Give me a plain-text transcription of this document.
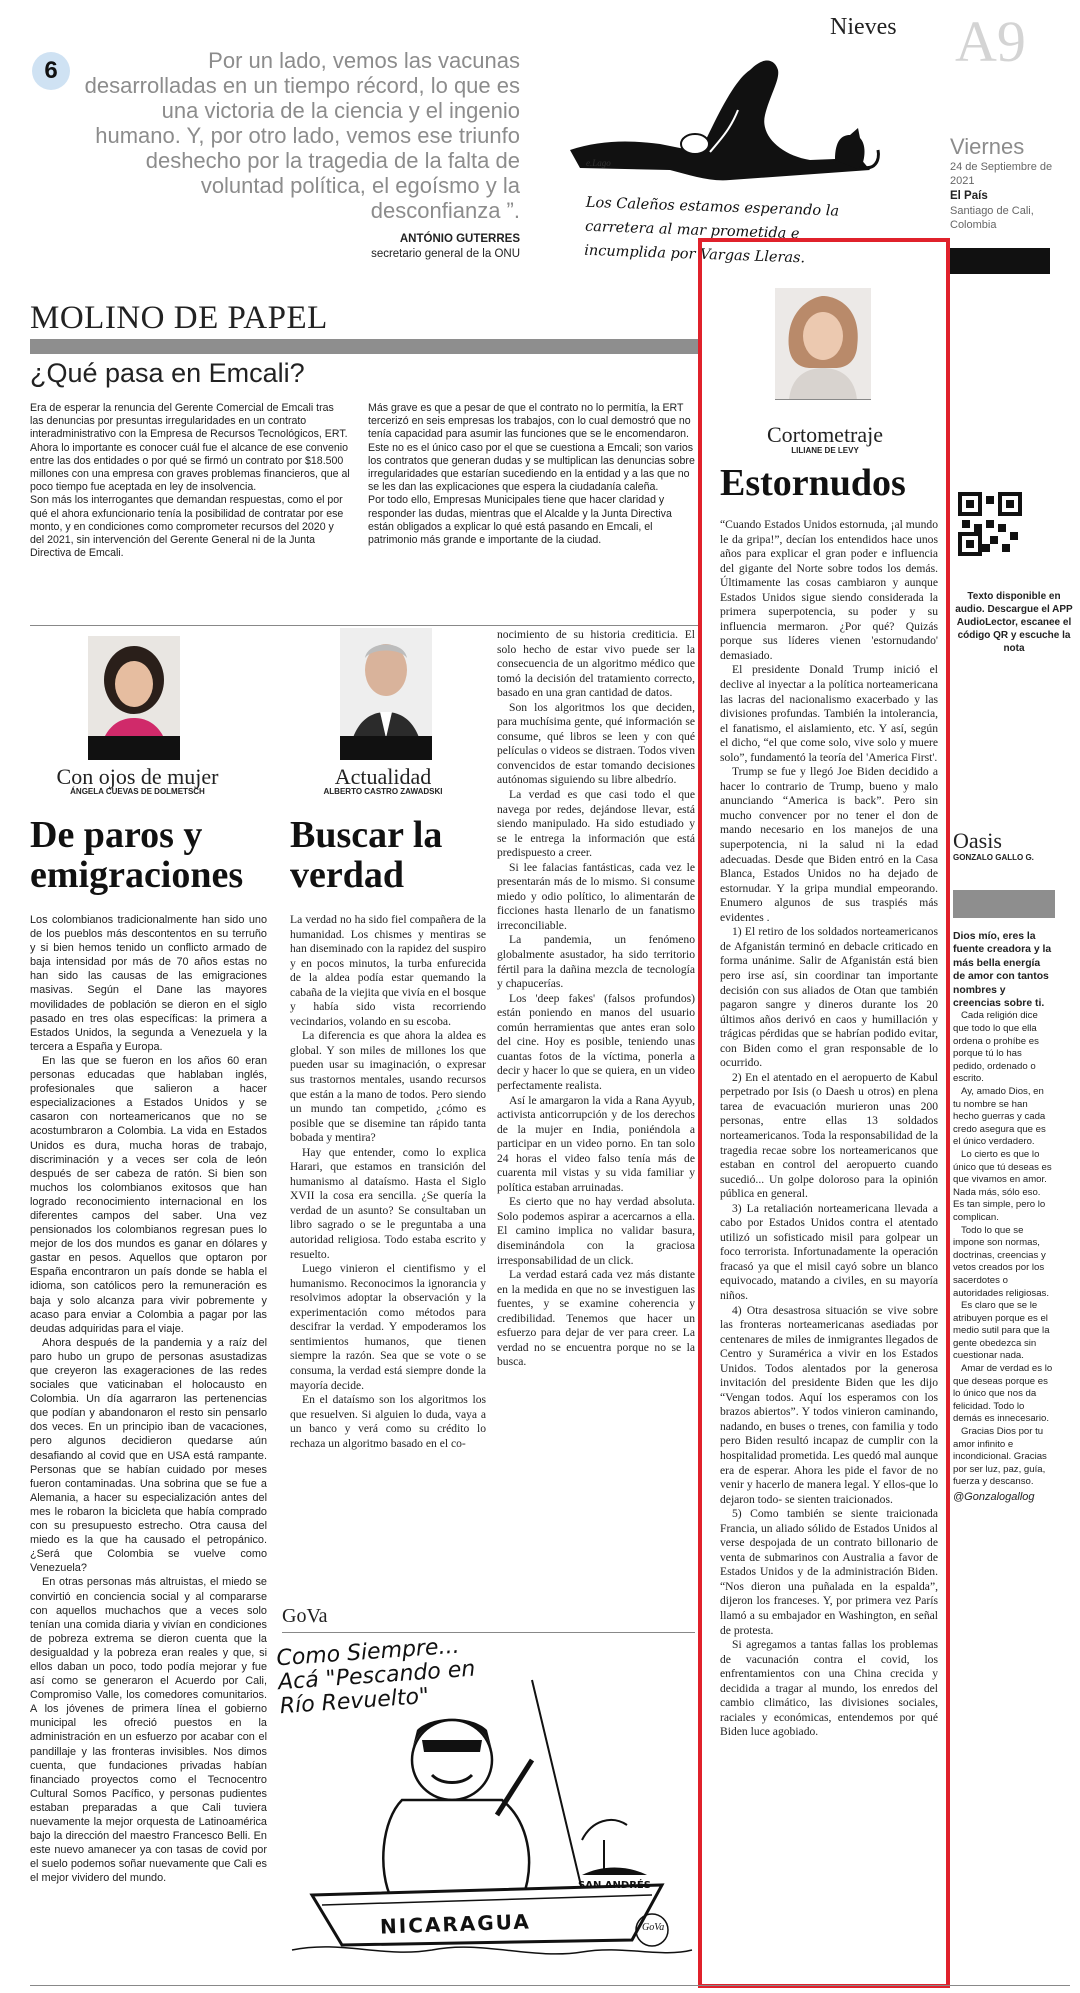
6	Por un lado, vemos las vacunas desarrolladas en un tiempo récord, lo que es una victoria de la ciencia y el ingenio humano. Y, por otro lado, vemos ese triunfo deshecho por la tragedia de la falta de voluntad política, el egoísmo y la desconfianza ”.
ANTÓNIO GUTERRES
secretario general de la ONU
e.Lago
Los Caleños estamos esperando la carretera al mar prometida e incumplida por Vargas Lleras.
Nieves A9
Viernes
24 de Septiembre de 2021
El País
Santiago de Cali, Colombia
MOLINO DE PAPEL
¿Qué pasa en Emcali?

Era de esperar la renuncia del Gerente Comercial de Emcali tras las denuncias por presuntas irregularidades en un contrato interadministrativo con la Empresa de Recursos Tecnológicos, ERT.

Ahora lo importante es conocer cuál fue el alcance de ese convenio entre las dos entidades o por qué se firmó un contrato por $18.500 millones con una empresa con graves problemas financieros, que al poco tiempo fue aceptada en ley de insolvencia.

Son más los interrogantes que demandan respuestas, como el por qué el ahora exfuncionario tenía la posibilidad de contratar por ese monto, y en condiciones como comprometer recursos del 2020 y del 2021, sin intervención del Gerente General ni de la Junta Directiva de Emcali.

Más grave es que a pesar de que el contrato no lo permitía, la ERT tercerizó en seis empresas los trabajos, con lo cual demostró que no tenía capacidad para asumir las funciones que se le encomendaron.

Este no es el único caso por el que se cuestiona a Emcali; son varios los contratos que generan dudas y se multiplican las denuncias sobre irregularidades que estarían sucediendo en la entidad y a las que no se les dan las explicaciones que espera la ciudadanía caleña.

Por todo ello, Empresas Municipales tiene que hacer claridad y responder las dudas, mientras que el Alcalde y la Junta Directiva están obligados a explicar lo qué está pasando en Emcali, el patrimonio más grande e importante de la ciudad.

Con ojos de mujer
ÁNGELA CUEVAS DE DOLMETSCH
De paros y emigraciones

Los colombianos tradicionalmente han sido uno de los pueblos más descontentos en su terruño y si bien hemos tenido un conflicto armado de baja intensidad por más de 70 años estas no han sido las causas de las emigraciones masivas. Según el Dane las mayores movilidades de población se dieron en el siglo pasado en tres olas específicas: la primera a Estados Unidos, la segunda a Venezuela y la tercera a España y Europa.

En las que se fueron en los años 60 eran personas educadas que hablaban inglés, profesionales que salieron a hacer especializaciones a Estados Unidos y se casaron con norteamericanos que no se acostumbraron a Colombia. La vida en Estados Unidos es dura, mucha horas de trabajo, discriminación y a veces ser cola de león después de ser cabeza de ratón. Si bien son muchos los colombianos exitosos que han logrado reconocimiento internacional en los diferentes campos del saber. Una vez pensionados los colombianos regresan pues lo mejor de los dos mundos es ganar en dólares y gastar en pesos. Aquellos que optaron por España encontraron un país donde se habla el idioma, son católicos pero la remuneración es baja y solo alcanza para vivir pobremente y acaso para enviar a Colombia a pagar por las deudas adquiridas para el viaje.

Ahora después de la pandemia y a raíz del paro hubo un grupo de personas asustadizas que creyeron las exageraciones de las redes sociales que vaticinaban el holocausto en Colombia. Un día agarraron las pertenencias que podían y abandonaron el resto sin pensarlo dos veces. En un principio iban de vacaciones, pero algunos decidieron quedarse aún desafiando al covid que en USA está rampante. Personas que se habían cuidado por meses fueron contaminadas. Una sobrina que se fue a Alemania, a hacer su especialización antes del mes le robaron la bicicleta que había comprado con su presupuesto estrecho. Otra causa del miedo es la que ha causado el petropánico. ¿Será que Colombia se vuelve como Venezuela?

En otras personas más altruistas, el miedo se convirtió en conciencia social y al compararse con aquellos muchachos que a veces solo tenían una comida diaria y vivían en condiciones de pobreza extrema se dieron cuenta que la desigualdad y la pobreza eran reales y que, si ellos daban un poco, todo podía mejorar y fue así como se generaron el Acuerdo por Cali, Compromiso Valle, los comedores comunitarios. A los jóvenes de primera línea el gobierno municipal les ofreció puestos en la administración en un esfuerzo por acabar con el pandillaje y las fronteras invisibles. Nos dimos cuenta, que fundaciones privadas habían financiado proyectos como el Tecnocentro Cultural Somos Pacífico, y personas pudientes estaban preparadas a que Cali tuviera nuevamente la mejor orquesta de Latinoamérica bajo la dirección del maestro Francesco Belli. En este nuevo amanecer ya con tasas de covid por el suelo podemos soñar nuevamente que Cali es el mejor vividero del mundo.

Actualidad
ALBERTO CASTRO ZAWADSKI
Buscar la verdad

La verdad no ha sido fiel compañera de la humanidad. Los chismes y mentiras se han diseminado con la rapidez del suspiro y en pocos minutos, la turba enfurecida de la aldea podía estar quemando la cabaña de la viejita que vivía en el bosque y había sido vista recorriendo vecindarios, volando en su escoba.

La diferencia es que ahora la aldea es global. Y son miles de millones los que pueden usar su imaginación, o expresar sus trastornos mentales, usando recursos que están a la mano de todos. Pero siendo un mundo tan competido, ¿cómo es posible que se disemine tan rápido tanta bobada y mentira?

Hay que entender, como lo explica Harari, que estamos en transición del humanismo al dataísmo. Hasta el Siglo XVII la cosa era sencilla. ¿Se quería la verdad de un asunto? Se consultaban un libro sagrado o se le preguntaba a una autoridad religiosa. Todo estaba escrito y resuelto.

Luego vinieron el cientifismo y el humanismo. Reconocimos la ignorancia y resolvimos adoptar la observación y la experimentación como métodos para descifrar la verdad. Y empoderamos los sentimientos humanos, que tienen siempre la razón. Sea que se vote o se consuma, la verdad está siempre donde la mayoría decide.

En el dataísmo son los algoritmos los que resuelven. Si alguien lo duda, vaya a un banco y verá como su crédito lo rechaza un algoritmo basado en el co-

nocimiento de su historia crediticia. El solo hecho de estar vivo puede ser la consecuencia de un algoritmo médico que tomó la decisión del tratamiento correcto, basado en una gran cantidad de datos.

Son los algoritmos los que deciden, para muchísima gente, qué información se consume, qué libros se leen y con qué películas o videos se distraen. Todos viven convencidos de estar tomando decisiones autónomas siguiendo su libre albedrío.

La verdad es que casi todo el que navega por redes, dejándose llevar, está siendo manipulado. Ha sido estudiado y se le entrega la información que está predispuesto a creer.

Si lee falacias fantásticas, cada vez le presentarán más de lo mismo. Si consume miedo y odio político, lo alimentarán de ficciones hasta llenarlo de un fanatismo irreconciliable.

La pandemia, un fenómeno globalmente asustador, ha sido territorio fértil para la dañina mezcla de tecnología y chapucerías.

Los 'deep fakes' (falsos profundos) están poniendo en manos del usuario común herramientas que antes eran solo del cine. Hoy es posible, teniendo unas cuantas fotos de la víctima, ponerla a decir y hacer lo que se quiera, en un video perfectamente realista.

Así le amargaron la vida a Rana Ayyub, activista anticorrupción y de los derechos de la mujer en India, poniéndola a participar en un video porno. En tan solo 24 horas el video falso tenía más de cuarenta mil vistas y su vida familiar y política estaban arruinadas.

Es cierto que no hay verdad absoluta. Solo podemos aspirar a acercarnos a ella. El camino implica no validar basura, diseminándola con la graciosa irresponsabilidad de un click.

La verdad estará cada vez más distante en la medida en que no se investiguen las fuentes, y se examine coherencia y credibilidad. Tenemos que hacer un esfuerzo para dejar de ver para creer. La verdad no se encuentra porque no se la busca.

GoVa
Como Siempre... Acá "Pescando en Río Revuelto"
NICARAGUA
SAN ANDRÉS
GoVa
Cortometraje
LILIANE DE LEVY
Estornudos

“Cuando Estados Unidos estornuda, ¡al mundo le da gripa!”, decían los entendidos hace unos años para explicar el gran poder e influencia del gigante del Norte sobre todos los demás. Últimamente las cosas cambiaron y aunque Estados Unidos sigue siendo considerada la primera superpotencia, su poder y su influencia mermaron. ¿Por qué? Quizás porque sus líderes vienen 'estornudando' demasiado.

El presidente Donald Trump inició el declive al inyectar a la política norteamericana las lacras del nacionalismo exacerbado y las divisiones profundas. También la intolerancia, el fanatismo, el aislamiento, etc. Y así, según el dicho, “el que come solo, vive solo y muere solo”, fundamentó la teoría del 'America First'.

Trump se fue y llegó Joe Biden decidido a hacer lo contrario de Trump, bueno y malo anunciando “America is back”. Pero sin mucho convencer por no tener el don de mando necesario en los manejos de una superpotencia, ni la salud ni la edad adecuadas. Desde que Biden entró en la Casa Blanca, Estados Unidos no ha dejado de estornudar. Y la gripa mundial empeorando. Enumero algunos de sus traspiés más evidentes .

1) El retiro de los soldados norteamericanos de Afganistán terminó en debacle criticado en forma unánime. Salir de Afganistán está bien pero irse así, sin coordinar tan importante decisión con sus aliados de Otan que también pagaron sangre y dineros durante los 20 últimos años derivó en caos y humillación y trágicas pérdidas que se habrían podido evitar, con Biden como el gran responsable de lo ocurrido.

2) En el atentado en el aeropuerto de Kabul perpetrado por Isis (o Daesh u otros) en plena tarea de evacuación murieron unas 200 personas, entre ellas 13 soldados norteamericanos. Toda la responsabilidad de la tragedia recae sobre los norteamericanos que estaban en control del aeropuerto cuando sucedió... Un golpe doloroso para la opinión pública en general.

3) La retaliación norteamericana llevada a cabo por Estados Unidos contra el atentado utilizó un sofisticado misil para golpear un foco terrorista. Infortunadamente la operación fracasó ya que el misil cayó sobre un blanco equivocado, matando a civiles, en su mayoría niños.

4) Otra desastrosa situación se vive sobre las fronteras norteamericanas asediadas por centenares de miles de inmigrantes llegados de Centro y Suramérica a vivir en los Estados Unidos. Todos alentados por la generosa invitación del presidente Biden que les dijo “Vengan todos. Aquí los esperamos con los brazos abiertos”. Y todos vinieron caminando, nadando, en buses o trenes, con familia y todo pero Biden resultó incapaz de cumplir con la hospitalidad prometida. Les quedó mal aunque era de esperar. Ahora les pide el favor de no venir y hacerlo de manera legal. Y ellos-que lo dejaron todo- se sienten traicionados.

5) Como también se siente traicionada Francia, un aliado sólido de Estados Unidos al verse despojada de un contrato billonario de venta de submarinos con Australia a favor de Estados Unidos y de la administración Biden. “Nos dieron una puñalada en la espalda”, dijeron los franceses. Y, por primera vez París llamó a su embajador en Washington, en señal de protesta.

Si agregamos a tantas fallas los problemas de vacunación contra el covid, los enfrentamientos con una China crecida y decidida a tragar al mundo, los enredos del cambio climático, las divisiones sociales, raciales y económicas, entendemos por qué Biden luce agobiado.

Texto disponible en audio. Descargue el APP AudioLector, escanee el código QR y escuche la nota
Oasis
GONZALO GALLO G.

Dios mío, eres la fuente creadora y la más bella energía de amor con tantos nombres y creencias sobre ti.

Cada religión dice que todo lo que ella ordena o prohíbe es porque tú lo has pedido, ordenado o escrito.

Ay, amado Dios, en tu nombre se han hecho guerras y cada credo asegura que es el único verdadero.

Lo cierto es que lo único que tú deseas es que vivamos en amor. Nada más, sólo eso. Es tan simple, pero lo complican.

Todo lo que se impone son normas, doctrinas, creencias y vetos creados por los sacerdotes o autoridades religiosas.

Es claro que se le atribuyen porque es el medio sutil para que la gente obedezca sin cuestionar nada.

Amar de verdad es lo que deseas porque es lo único que nos da felicidad. Todo lo demás es innecesario.

Gracias Dios por tu amor infinito e incondicional. Gracias por ser luz, paz, guía, fuerza y descanso.

@Gonzalogallog
